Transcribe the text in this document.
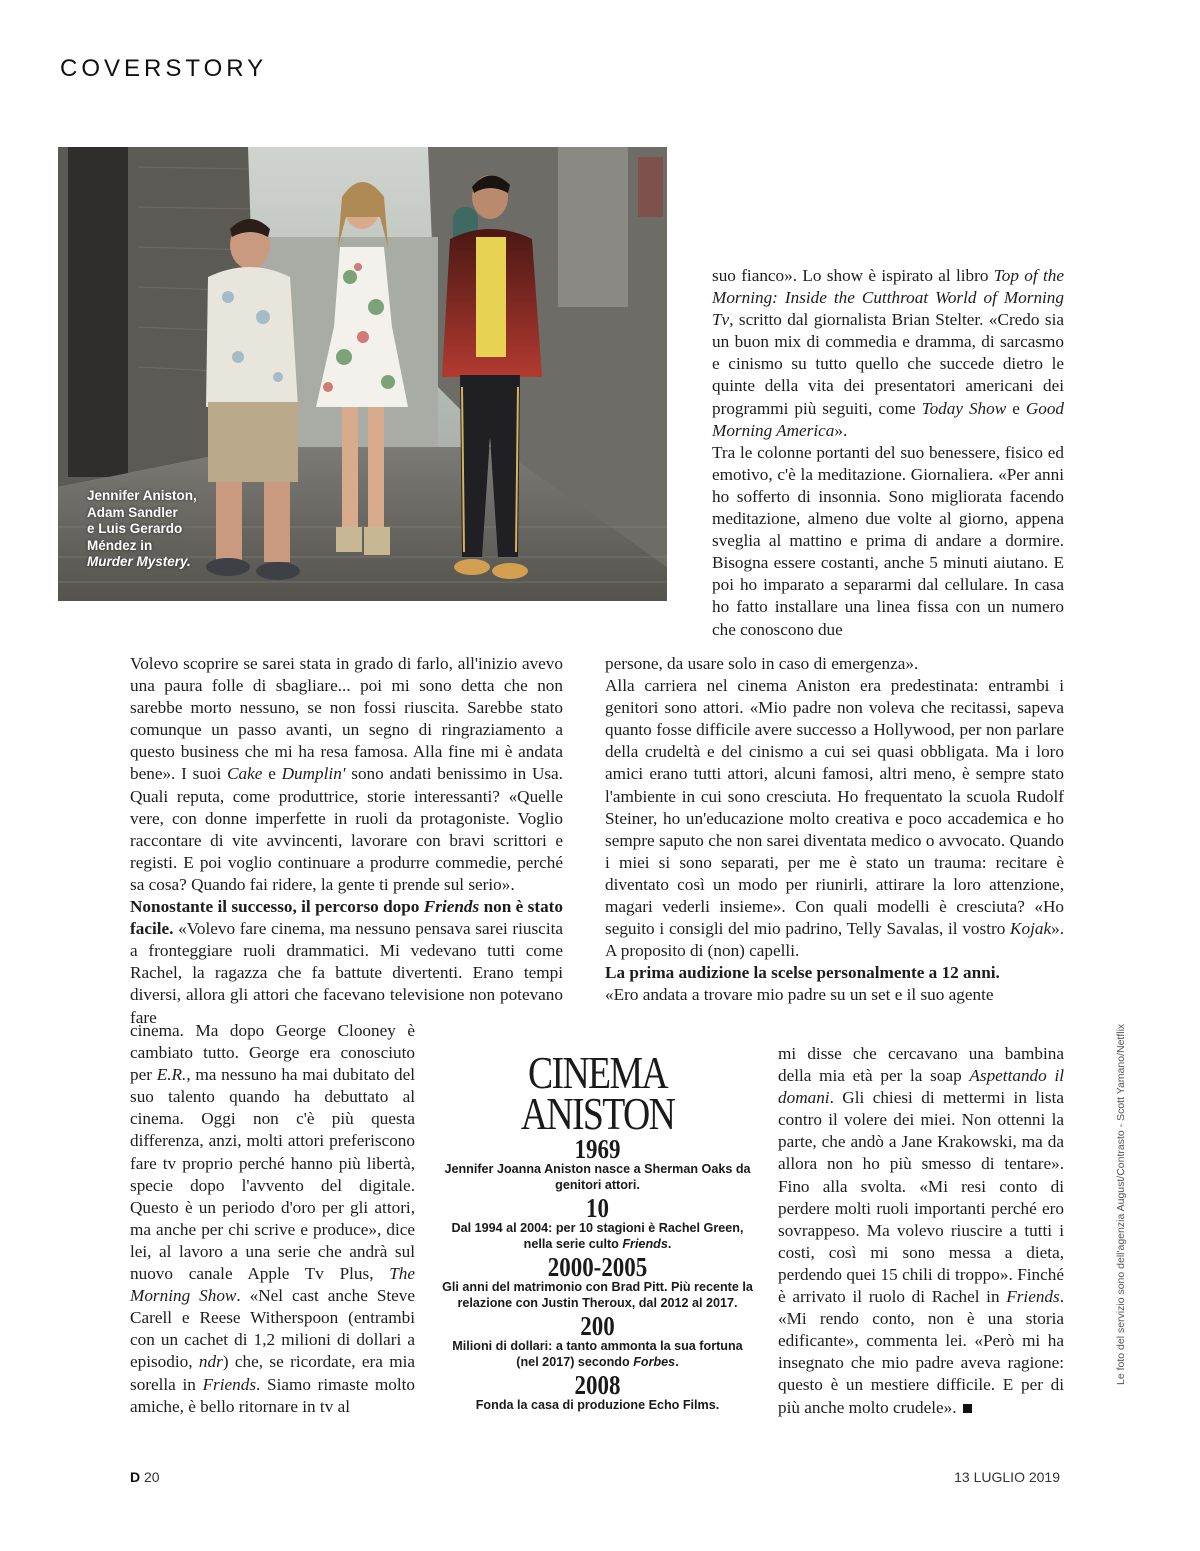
COVERSTORY
Jennifer Aniston,
Adam Sandler
e Luis Gerardo
Méndez in
Murder Mystery.

suo fianco». Lo show è ispirato al libro Top of the Morning: Inside the Cutthroat World of Morning Tv, scritto dal giornalista Brian Stelter. «Credo sia un buon mix di commedia e dramma, di sarcasmo e cinismo su tutto quello che succede dietro le quinte della vita dei presentatori americani dei programmi più seguiti, come Today Show e Good Morning America».

Tra le colonne portanti del suo benessere, fisico ed emotivo, c'è la meditazione. Giornaliera. «Per anni ho sofferto di insonnia. Sono migliorata facendo meditazione, almeno due volte al giorno, appena sveglia al mattino e prima di andare a dormire. Bisogna essere costanti, anche 5 minuti aiutano. E poi ho imparato a separarmi dal cellulare. In casa ho fatto installare una linea fissa con un numero che conoscono due

persone, da usare solo in caso di emergenza».

Alla carriera nel cinema Aniston era predestinata: entrambi i genitori sono attori. «Mio padre non voleva che recitassi, sapeva quanto fosse difficile avere successo a Hollywood, per non parlare della crudeltà e del cinismo a cui sei quasi obbligata. Ma i loro amici erano tutti attori, alcuni famosi, altri meno, è sempre stato l'ambiente in cui sono cresciuta. Ho frequentato la scuola Rudolf Steiner, ho un'educazione molto creativa e poco accademica e ho sempre saputo che non sarei diventata medico o avvocato. Quando i miei si sono separati, per me è stato un trauma: recitare è diventato così un modo per riunirli, attirare la loro attenzione, magari vederli insieme». Con quali modelli è cresciuta? «Ho seguito i consigli del mio padrino, Telly Savalas, il vostro Kojak». A proposito di (non) capelli.

La prima audizione la scelse personalmente a 12 anni.

«Ero andata a trovare mio padre su un set e il suo agente

mi disse che cercavano una bambina della mia età per la soap Aspettando il domani. Gli chiesi di mettermi in lista contro il volere dei miei. Non ottenni la parte, che andò a Jane Krakowski, ma da allora non ho più smesso di tentare». Fino alla svolta. «Mi resi conto di perdere molti ruoli importanti perché ero sovrappeso. Ma volevo riuscire a tutti i costi, così mi sono messa a dieta, perdendo quei 15 chili di troppo». Finché è arrivato il ruolo di Rachel in Friends. «Mi rendo conto, non è una storia edificante», commenta lei. «Però mi ha insegnato che mio padre aveva ragione: questo è un mestiere difficile. E per di più anche molto crudele».

Volevo scoprire se sarei stata in grado di farlo, all'inizio avevo una paura folle di sbagliare... poi mi sono detta che non sarebbe morto nessuno, se non fossi riuscita. Sarebbe stato comunque un passo avanti, un segno di ringraziamento a questo business che mi ha resa famosa. Alla fine mi è andata bene». I suoi Cake e Dumplin' sono andati benissimo in Usa. Quali reputa, come produttrice, storie interessanti? «Quelle vere, con donne imperfette in ruoli da protagoniste. Voglio raccontare di vite avvincenti, lavorare con bravi scrittori e registi. E poi voglio continuare a produrre commedie, perché sa cosa? Quando fai ridere, la gente ti prende sul serio».

Nonostante il successo, il percorso dopo Friends non è stato facile. «Volevo fare cinema, ma nessuno pensava sarei riuscita a fronteggiare ruoli drammatici. Mi vedevano tutti come Rachel, la ragazza che fa battute divertenti. Erano tempi diversi, allora gli attori che facevano televisione non potevano fare

cinema. Ma dopo George Clooney è cambiato tutto. George era conosciuto per E.R., ma nessuno ha mai dubitato del suo talento quando ha debuttato al cinema. Oggi non c'è più questa differenza, anzi, molti attori preferiscono fare tv proprio perché hanno più libertà, specie dopo l'avvento del digitale. Questo è un periodo d'oro per gli attori, ma anche per chi scrive e produce», dice lei, al lavoro a una serie che andrà sul nuovo canale Apple Tv Plus, The Morning Show. «Nel cast anche Steve Carell e Reese Witherspoon (entrambi con un cachet di 1,2 milioni di dollari a episodio, ndr) che, se ricordate, era mia sorella in Friends. Siamo rimaste molto amiche, è bello ritornare in tv al

CINEMA
ANISTON
1969
Jennifer Joanna Aniston nasce a Sherman Oaks da genitori attori.
10
Dal 1994 al 2004: per 10 stagioni è Rachel Green, nella serie culto Friends.
2000-2005
Gli anni del matrimonio con Brad Pitt. Più recente la relazione con Justin Theroux, dal 2012 al 2017.
200
Milioni di dollari: a tanto ammonta la sua fortuna (nel 2017) secondo Forbes.
2008
Fonda la casa di produzione Echo Films.
D 20	13 LUGLIO 2019
Le foto del servizio sono dell'agenzia August/Contrasto - Scott Yamano/Netflix
